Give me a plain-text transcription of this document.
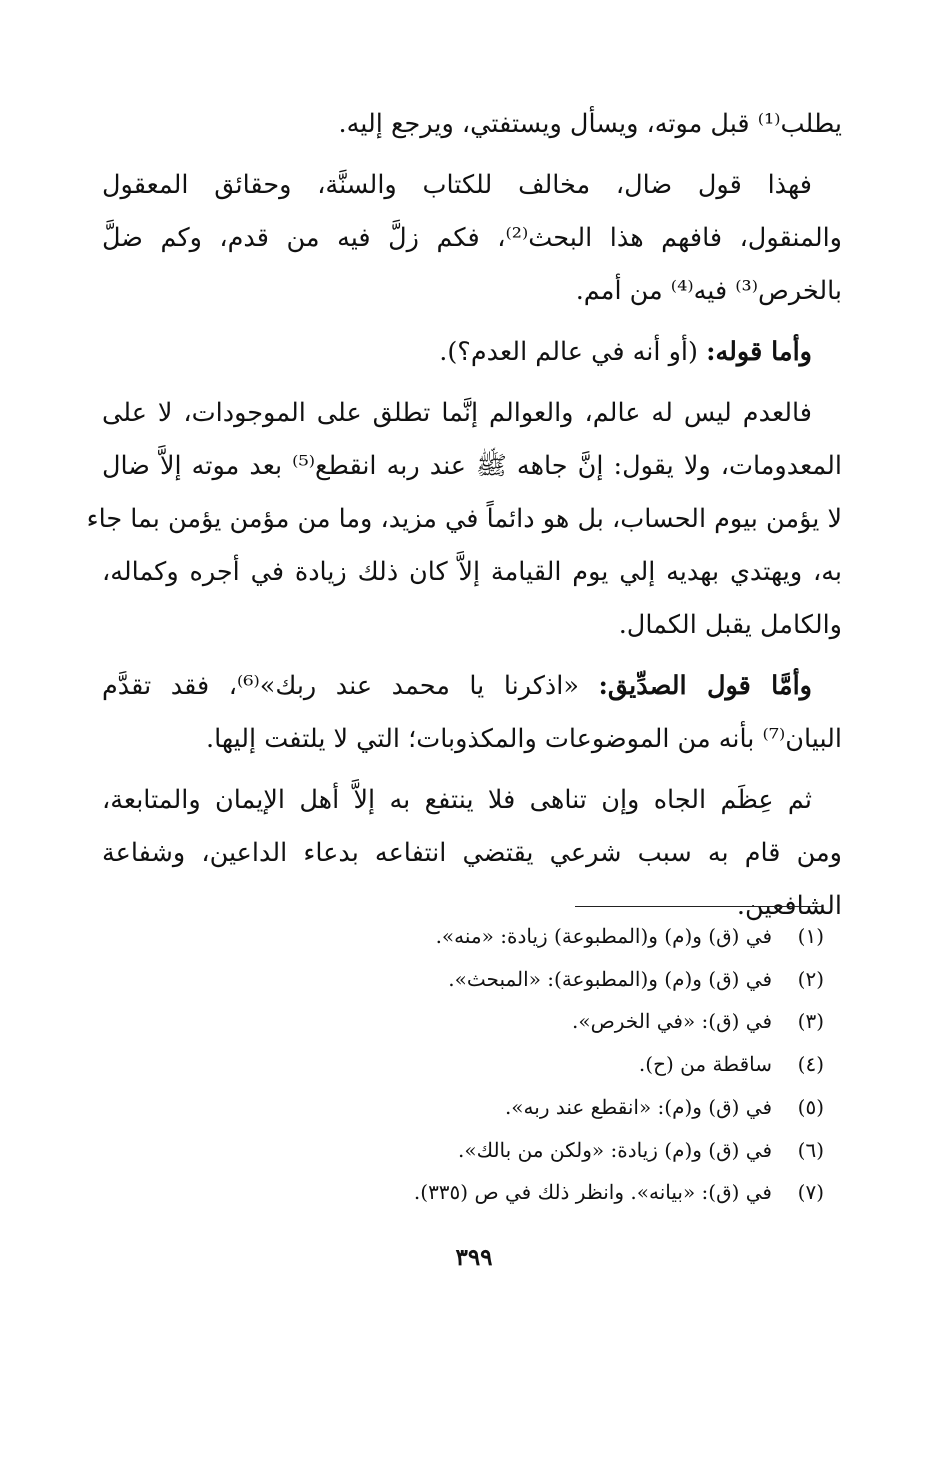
يطلب⁽¹⁾ قبل موته، ويسأل ويستفتي، ويرجع إليه.
فهذا قول ضال، مخالف للكتاب والسنَّة، وحقائق المعقول
والمنقول، فافهم هذا البحث⁽²⁾، فكم زلَّ فيه من قدم، وكم ضلَّ
بالخرص⁽³⁾ فيه⁽⁴⁾ من أمم.
وأما قوله: (أو أنه في عالم العدم؟).
فالعدم ليس له عالم، والعوالم إنَّما تطلق على الموجودات، لا على
المعدومات، ولا يقول: إنَّ جاهه ﷺ عند ربه انقطع⁽⁵⁾ بعد موته إلاَّ ضال
لا يؤمن بيوم الحساب، بل هو دائماً في مزيد، وما من مؤمن يؤمن بما جاء
به، ويهتدي بهديه إلي يوم القيامة إلاَّ كان ذلك زيادة في أجره وكماله،
والكامل يقبل الكمال.
وأمَّا قول الصدِّيق: «اذكرنا يا محمد عند ربك»⁽⁶⁾، فقد تقدَّم
البيان⁽⁷⁾ بأنه من الموضوعات والمكذوبات؛ التي لا يلتفت إليها.
ثم عِظَم الجاه وإن تناهى فلا ينتفع به إلاَّ أهل الإيمان والمتابعة،
ومن قام به سبب شرعي يقتضي انتفاعه بدعاء الداعين، وشفاعة
الشافعين.
(١)في (ق) و(م) و(المطبوعة) زيادة: «منه».
(٢)في (ق) و(م) و(المطبوعة): «المبحث».
(٣)في (ق): «في الخرص».
(٤)ساقطة من (ح).
(٥)في (ق) و(م): «انقطع عند ربه».
(٦)في (ق) و(م) زيادة: «ولكن من بالك».
(٧)في (ق): «بيانه». وانظر ذلك في ص (٣٣٥).
٣٩٩
